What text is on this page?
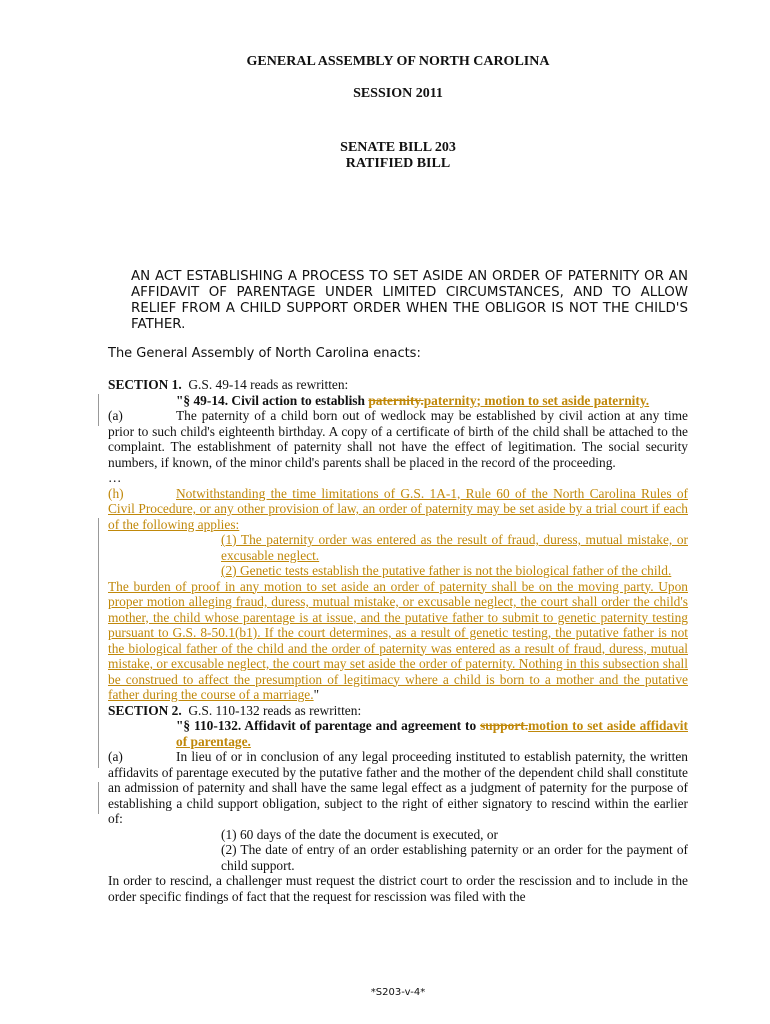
GENERAL ASSEMBLY OF NORTH CAROLINA
SESSION 2011
SENATE BILL 203
RATIFIED BILL
AN ACT ESTABLISHING A PROCESS TO SET ASIDE AN ORDER OF PATERNITY OR AN AFFIDAVIT OF PARENTAGE UNDER LIMITED CIRCUMSTANCES, AND TO ALLOW RELIEF FROM A CHILD SUPPORT ORDER WHEN THE OBLIGOR IS NOT THE CHILD'S FATHER.
The General Assembly of North Carolina enacts:

SECTION 1. G.S. 49-14 reads as rewritten:

"§ 49-14. Civil action to establish paternity.paternity; motion to set aside paternity.

(a)	The paternity of a child born out of wedlock may be established by civil action at any time prior to such child's eighteenth birthday. A copy of a certificate of birth of the child shall be attached to the complaint. The establishment of paternity shall not have the effect of legitimation. The social security numbers, if known, of the minor child's parents shall be placed in the record of the proceeding.

…

(h)	Notwithstanding the time limitations of G.S. 1A-1, Rule 60 of the North Carolina Rules of Civil Procedure, or any other provision of law, an order of paternity may be set aside by a trial court if each of the following applies:

(1) The paternity order was entered as the result of fraud, duress, mutual mistake, or excusable neglect.

(2) Genetic tests establish the putative father is not the biological father of the child.

The burden of proof in any motion to set aside an order of paternity shall be on the moving party. Upon proper motion alleging fraud, duress, mutual mistake, or excusable neglect, the court shall order the child's mother, the child whose parentage is at issue, and the putative father to submit to genetic paternity testing pursuant to G.S. 8-50.1(b1). If the court determines, as a result of genetic testing, the putative father is not the biological father of the child and the order of paternity was entered as a result of fraud, duress, mutual mistake, or excusable neglect, the court may set aside the order of paternity. Nothing in this subsection shall be construed to affect the presumption of legitimacy where a child is born to a mother and the putative father during the course of a marriage."

SECTION 2. G.S. 110-132 reads as rewritten:

"§ 110-132. Affidavit of parentage and agreement to support.motion to set aside affidavit of parentage.

(a)	In lieu of or in conclusion of any legal proceeding instituted to establish paternity, the written affidavits of parentage executed by the putative father and the mother of the dependent child shall constitute an admission of paternity and shall have the same legal effect as a judgment of paternity for the purpose of establishing a child support obligation, subject to the right of either signatory to rescind within the earlier of:

(1) 60 days of the date the document is executed, or

(2) The date of entry of an order establishing paternity or an order for the payment of child support.

In order to rescind, a challenger must request the district court to order the rescission and to include in the order specific findings of fact that the request for rescission was filed with the

*S203-v-4*
